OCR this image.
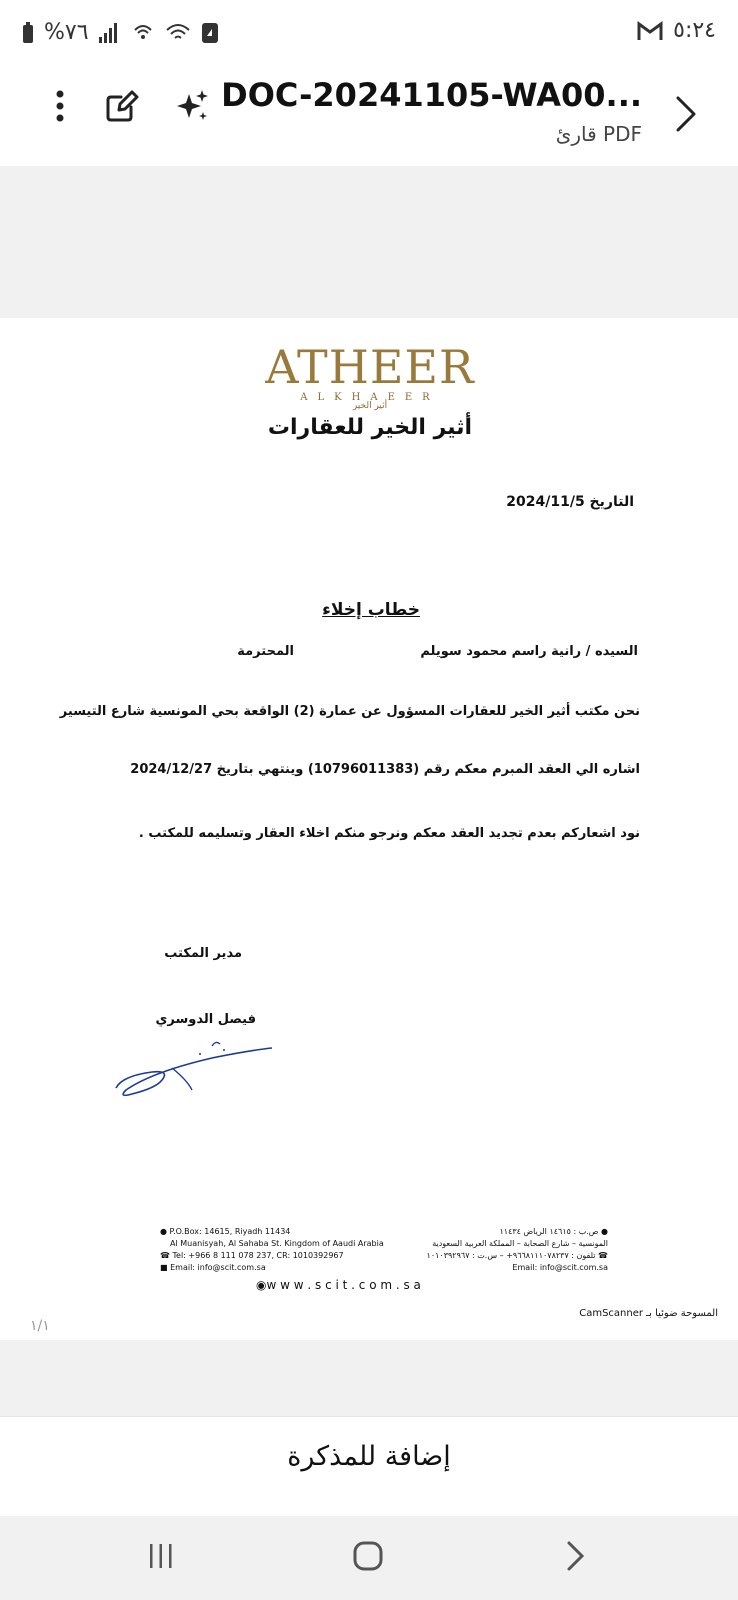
%٧٦	٥:٢٤
DOC-20241105-WA00...
قارئ PDF
ATHEER
ALKHAEER
أثير الخير
أثير الخير للعقارات
التاريخ 2024/11/5
خطاب إخلاء
السيده / رانية راسم محمود سويلم
المحترمة
نحن مكتب أثير الخير للعقارات المسؤول عن عمارة (2) الواقعة بحي المونسية شارع التيسير
اشاره الي العقد المبرم معكم رقم (10796011383) وينتهي بتاريخ 2024/12/27
نود اشعاركم بعدم تجديد العقد معكم ونرجو منكم اخلاء العقار وتسليمه للمكتب .
مدير المكتب
فيصل الدوسري
● P.O.Box: 14615, Riyadh 11434
Al Muanisyah, Al Sahaba St. Kingdom of Aaudi Arabia
☎ Tel: +966 8 111 078 237, CR: 1010392967
■ Email: info@scit.com.sa
● ص.ب : ١٤٦١٥ الرياض ١١٤٣٤
المونسية – شارع الصحابة – المملكة العربية السعودية
☎ تلفون : ٩٦٦٨١١١٠٧٨٢٣٧+ – س.ت : ١٠١٠٣٩٢٩٦٧
Email: info@scit.com.sa
◉w w w . s c i t . c o m . s a
المسوحة ضوئيا بـ CamScanner
١/١
إضافة للمذكرة
